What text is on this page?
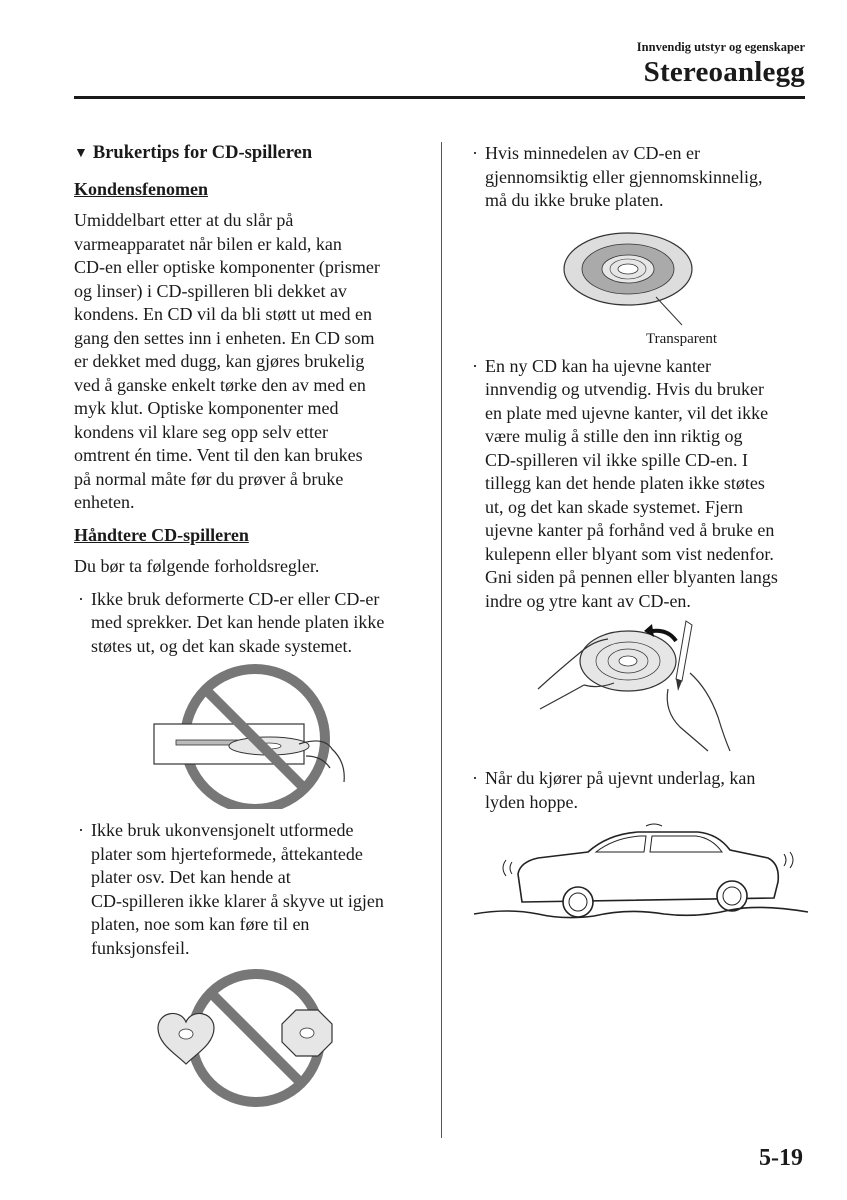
Innvendig utstyr og egenskaper
Stereoanlegg
▼ Brukertips for CD-spilleren
Kondensfenomen
Umiddelbart etter at du slår på
varmeapparatet når bilen er kald, kan
CD-en eller optiske komponenter (prismer
og linser) i CD-spilleren bli dekket av
kondens. En CD vil da bli støtt ut med en
gang den settes inn i enheten. En CD som
er dekket med dugg, kan gjøres brukelig
ved å ganske enkelt tørke den av med en
myk klut. Optiske komponenter med
kondens vil klare seg opp selv etter
omtrent én time. Vent til den kan brukes
på normal måte før du prøver å bruke
enheten.
Håndtere CD-spilleren
Du bør ta følgende forholdsregler.
· Ikke bruk deformerte CD-er eller CD-er
med sprekker. Det kan hende platen ikke
støtes ut, og det kan skade systemet.
· Ikke bruk ukonvensjonelt utformede
plater som hjerteformede, åttekantede
plater osv. Det kan hende at
CD-spilleren ikke klarer å skyve ut igjen
platen, noe som kan føre til en
funksjonsfeil.
· Hvis minnedelen av CD-en er
gjennomsiktig eller gjennomskinnelig,
må du ikke bruke platen.
Transparent
· En ny CD kan ha ujevne kanter
innvendig og utvendig. Hvis du bruker
en plate med ujevne kanter, vil det ikke
være mulig å stille den inn riktig og
CD-spilleren vil ikke spille CD-en. I
tillegg kan det hende platen ikke støtes
ut, og det kan skade systemet. Fjern
ujevne kanter på forhånd ved å bruke en
kulepenn eller blyant som vist nedenfor.
Gni siden på pennen eller blyanten langs
indre og ytre kant av CD-en.
· Når du kjører på ujevnt underlag, kan
lyden hoppe.
5-19
